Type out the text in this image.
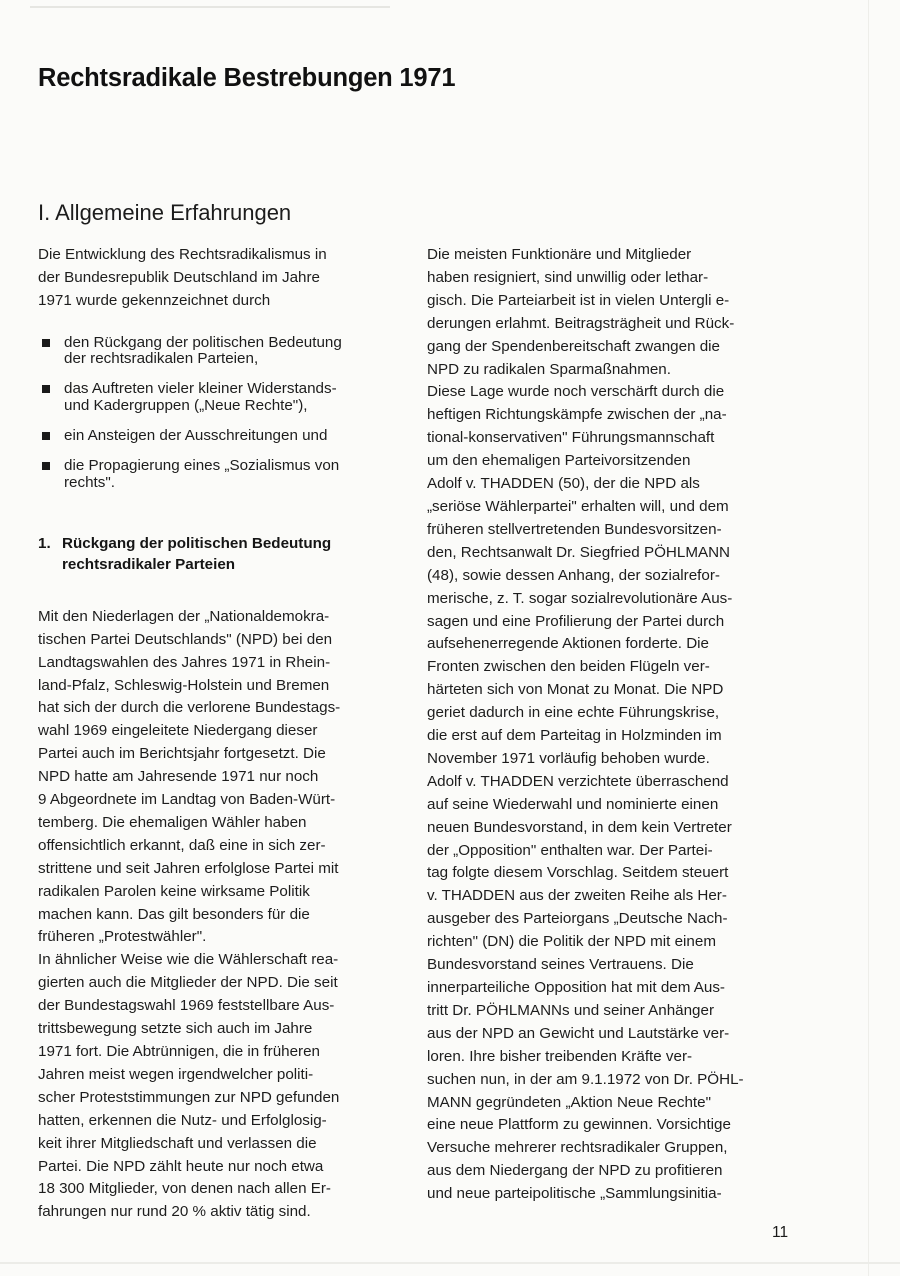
Rechtsradikale Bestrebungen 1971
I. Allgemeine Erfahrungen

Die Entwicklung des Rechtsradikalismus in
der Bundesrepublik Deutschland im Jahre
1971 wurde gekennzeichnet durch

den Rückgang der politischen Bedeutung
der rechtsradikalen Parteien,
das Auftreten vieler kleiner Widerstands-
und Kadergruppen („Neue Rechte"),
ein Ansteigen der Ausschreitungen und
die Propagierung eines „Sozialismus von
rechts".
1. Rückgang der politischen Bedeutung
rechtsradikaler Parteien

Mit den Niederlagen der „Nationaldemokra-
tischen Partei Deutschlands" (NPD) bei den
Landtagswahlen des Jahres 1971 in Rhein-
land-Pfalz, Schleswig-Holstein und Bremen
hat sich der durch die verlorene Bundestags-
wahl 1969 eingeleitete Niedergang dieser
Partei auch im Berichtsjahr fortgesetzt. Die
NPD hatte am Jahresende 1971 nur noch
9 Abgeordnete im Landtag von Baden-Würt-
temberg. Die ehemaligen Wähler haben
offensichtlich erkannt, daß eine in sich zer-
strittene und seit Jahren erfolglose Partei mit
radikalen Parolen keine wirksame Politik
machen kann. Das gilt besonders für die
früheren „Protestwähler".

In ähnlicher Weise wie die Wählerschaft rea-
gierten auch die Mitglieder der NPD. Die seit
der Bundestagswahl 1969 feststellbare Aus-
trittsbewegung setzte sich auch im Jahre
1971 fort. Die Abtrünnigen, die in früheren
Jahren meist wegen irgendwelcher politi-
scher Proteststimmungen zur NPD gefunden
hatten, erkennen die Nutz- und Erfolglosig-
keit ihrer Mitgliedschaft und verlassen die
Partei. Die NPD zählt heute nur noch etwa
18 300 Mitglieder, von denen nach allen Er-
fahrungen nur rund 20 % aktiv tätig sind.

Die meisten Funktionäre und Mitglieder
haben resigniert, sind unwillig oder lethar-
gisch. Die Parteiarbeit ist in vielen Untergli e-
derungen erlahmt. Beitragsträgheit und Rück-
gang der Spendenbereitschaft zwangen die
NPD zu radikalen Sparmaßnahmen.

Diese Lage wurde noch verschärft durch die
heftigen Richtungskämpfe zwischen der „na-
tional-konservativen" Führungsmannschaft
um den ehemaligen Parteivorsitzenden
Adolf v. THADDEN (50), der die NPD als
„seriöse Wählerpartei" erhalten will, und dem
früheren stellvertretenden Bundesvorsitzen-
den, Rechtsanwalt Dr. Siegfried PÖHLMANN
(48), sowie dessen Anhang, der sozialrefor-
merische, z. T. sogar sozialrevolutionäre Aus-
sagen und eine Profilierung der Partei durch
aufsehenerregende Aktionen forderte. Die
Fronten zwischen den beiden Flügeln ver-
härteten sich von Monat zu Monat. Die NPD
geriet dadurch in eine echte Führungskrise,
die erst auf dem Parteitag in Holzminden im
November 1971 vorläufig behoben wurde.
Adolf v. THADDEN verzichtete überraschend
auf seine Wiederwahl und nominierte einen
neuen Bundesvorstand, in dem kein Vertreter
der „Opposition" enthalten war. Der Partei-
tag folgte diesem Vorschlag. Seitdem steuert
v. THADDEN aus der zweiten Reihe als Her-
ausgeber des Parteiorgans „Deutsche Nach-
richten" (DN) die Politik der NPD mit einem
Bundesvorstand seines Vertrauens. Die
innerparteiliche Opposition hat mit dem Aus-
tritt Dr. PÖHLMANNs und seiner Anhänger
aus der NPD an Gewicht und Lautstärke ver-
loren. Ihre bisher treibenden Kräfte ver-
suchen nun, in der am 9.1.1972 von Dr. PÖHL-
MANN gegründeten „Aktion Neue Rechte"
eine neue Plattform zu gewinnen. Vorsichtige
Versuche mehrerer rechtsradikaler Gruppen,
aus dem Niedergang der NPD zu profitieren
und neue parteipolitische „Sammlungsinitia-

11
